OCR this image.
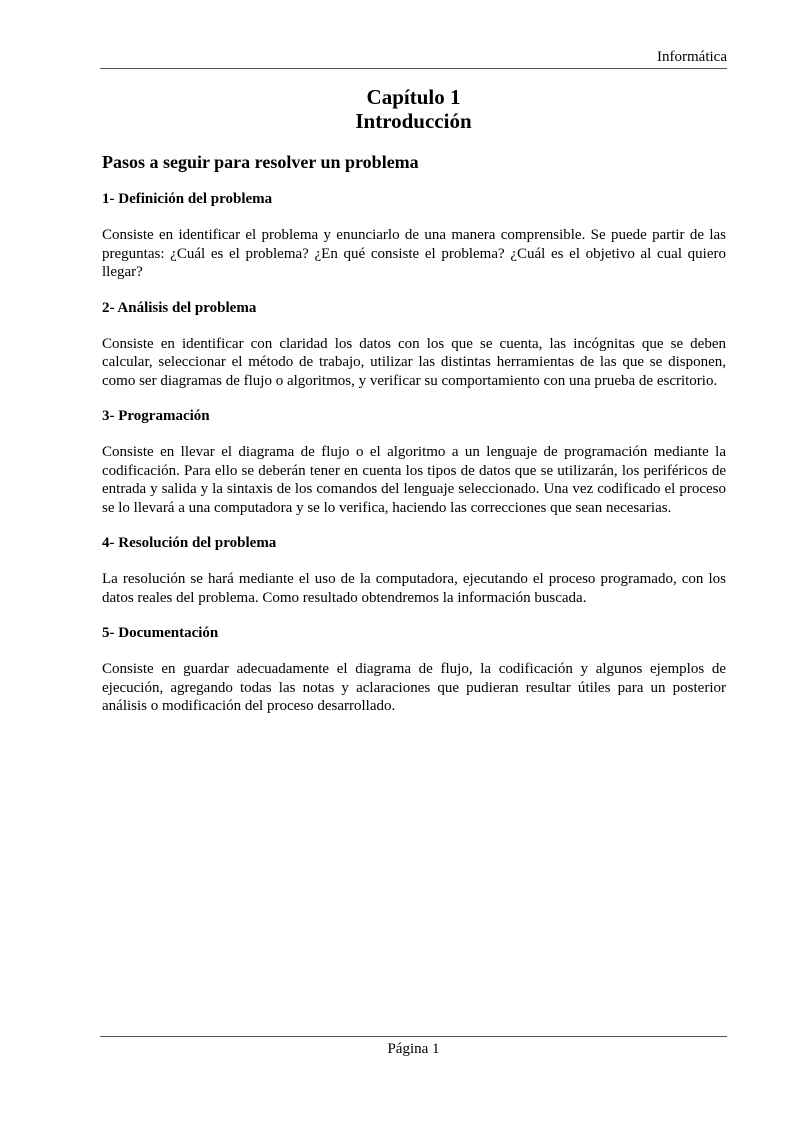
Informática
Capítulo 1
Introducción
Pasos a seguir para resolver un problema
1- Definición del problema
Consiste en identificar el problema y enunciarlo de una manera comprensible. Se puede partir de las preguntas: ¿Cuál es el problema? ¿En qué consiste el problema? ¿Cuál es el objetivo al cual quiero llegar?
2- Análisis del problema
Consiste en identificar con claridad los datos con los que se cuenta, las incógnitas que se deben calcular, seleccionar el método de trabajo, utilizar las distintas herramientas de las que se disponen, como ser diagramas de flujo o algoritmos, y verificar su comportamiento con una prueba de escritorio.
3- Programación
Consiste en llevar el diagrama de flujo o el algoritmo a un lenguaje de programación mediante la codificación. Para ello se deberán tener en cuenta los tipos de datos que se utilizarán, los periféricos de entrada y salida y la sintaxis de los comandos del lenguaje seleccionado. Una vez codificado el proceso se lo llevará a una computadora y se lo verifica, haciendo las correcciones que sean necesarias.
4- Resolución del problema
La resolución se hará mediante el uso de la computadora, ejecutando el proceso programado, con los datos reales del problema. Como resultado obtendremos la información buscada.
5- Documentación
Consiste en guardar adecuadamente el diagrama de flujo, la codificación y algunos ejemplos de ejecución, agregando todas las notas y aclaraciones que pudieran resultar útiles para un posterior análisis o modificación del proceso desarrollado.
Página 1
